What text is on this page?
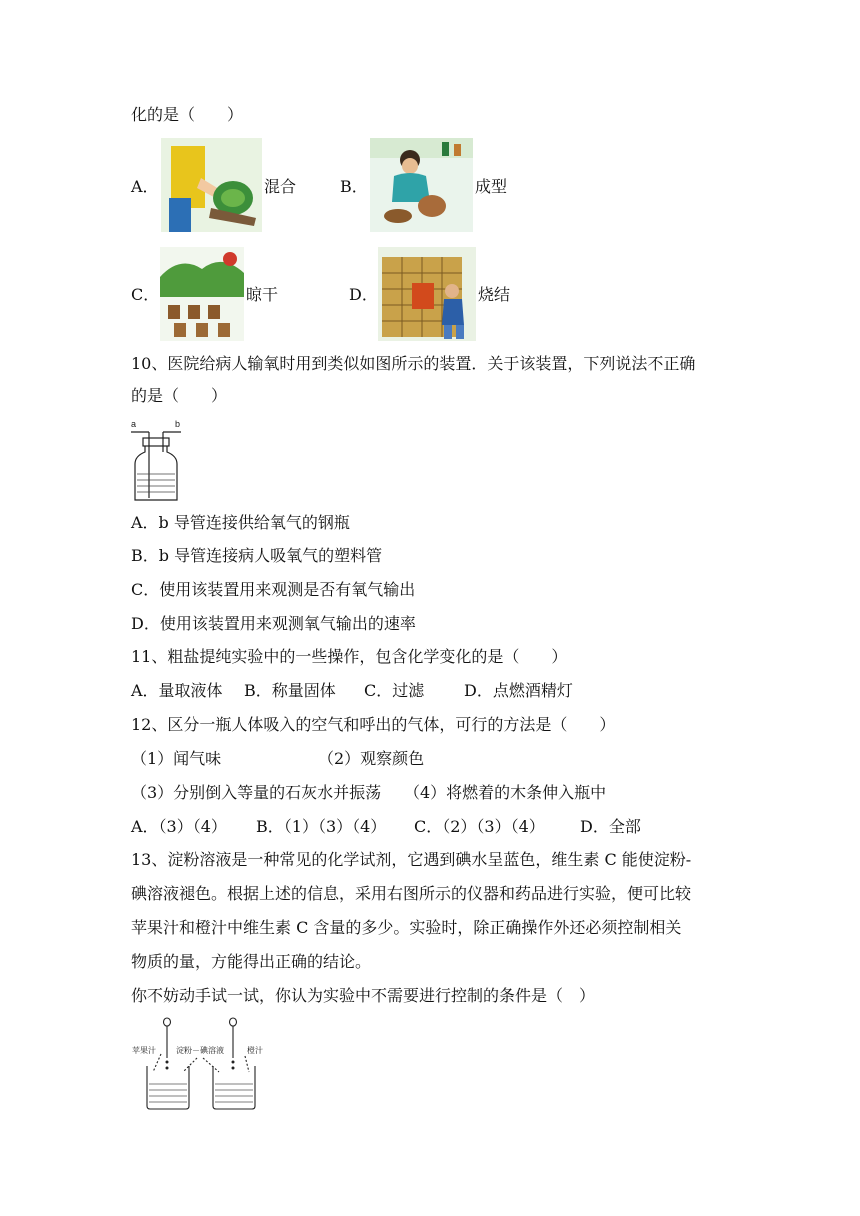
化的是（　　）
A．	混合	B．	成型
C．	晾干	D．	烧结
10、医院给病人输氧时用到类似如图所示的装置．关于该装置，下列说法不正确
的是（　　）
a	b
A．b 导管连接供给氧气的钢瓶
B．b 导管连接病人吸氧气的塑料管
C．使用该装置用来观测是否有氧气输出
D．使用该装置用来观测氧气输出的速率
11、粗盐提纯实验中的一些操作，包含化学变化的是（　　）
A．量取液体 B．称量固体 C．过滤 D．点燃酒精灯
12、区分一瓶人体吸入的空气和呼出的气体，可行的方法是（　　）
（1）闻气味	（2）观察颜色
（3）分别倒入等量的石灰水并振荡 （4）将燃着的木条伸入瓶中
A．（3）（4） B．（1）（3）（4） C．（2）（3）（4） D．全部
13、淀粉溶液是一种常见的化学试剂，它遇到碘水呈蓝色，维生素 C 能使淀粉-
碘溶液褪色。根据上述的信息，采用右图所示的仪器和药品进行实验，便可比较
苹果汁和橙汁中维生素 C 含量的多少。实验时，除正确操作外还必须控制相关
物质的量，方能得出正确的结论。
你不妨动手试一试，你认为实验中不需要进行控制的条件是（　）
苹果汁	淀粉－碘溶液	橙汁
